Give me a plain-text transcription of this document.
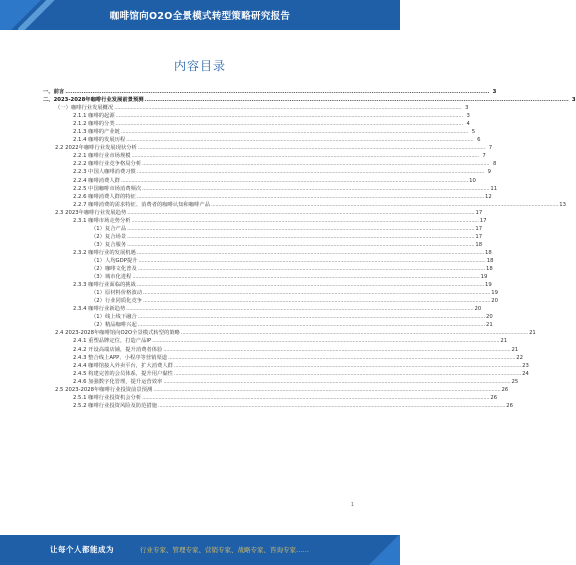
咖啡馆向O2O全景模式转型策略研究报告
内容目录
一、前言 .....	3
二、2023-2028年咖啡行业发展前景预测 .....	3
（一）咖啡行业发展概况 .....	3
2.1.1 咖啡的起源 .....	3
2.1.2 咖啡的分类 .....	4
2.1.3 咖啡的产业链 .....	5
2.1.4 咖啡的发展历程 .....	6
2.2 2022年咖啡行业发展现状分析 .....	7
2.2.1 咖啡行业市场规模 .....	7
2.2.2 咖啡行业竞争格局分析 .....	8
2.2.3 中国人咖啡消费习惯 .....	9
2.2.4 咖啡消费人群 .....	10
2.2.5 中国咖啡市场消费频次 .....	11
2.2.6 咖啡消费人群的特征 .....	12
2.2.7 咖啡消费的需求特征、消费者的咖啡认知和咖啡产品 .....	13
2.3 2023年咖啡行业发展趋势 .....	17
2.3.1 咖啡市场走势分析 .....	17
（1）复合产品 .....	17
（2）复合场景 .....	17
（3）复合服务 .....	18
2.3.2 咖啡行业的发展机遇 .....	18
（1）人均GDP提升 .....	18
（2）咖啡文化普及 .....	18
（3）城市化进程 .....	19
2.3.3 咖啡行业面临的挑战 .....	19
（1）原材料价格波动 .....	19
（2）行业同质化竞争 .....	20
2.3.4 咖啡行业新趋势 .....	20
（1）线上线下融合 .....	20
（2）精品咖啡兴起 .....	21
2.4 2023-2028年咖啡馆向O2O全景模式转型的策略 .....	21
2.4.1 重塑品牌定位，打造产品IP .....	21
2.4.2 开设高端店铺，提升消费者体验 .....	21
2.4.3 整合线上APP、小程序等营销渠道 .....	22
2.4.4 咖啡馆接入外卖平台，扩大消费人群 .....	23
2.4.5 构建完善的会员体系，提升用户黏性 .....	24
2.4.6 加强数字化管理，提升运营效率 .....	25
2.5 2023-2028年咖啡行业投资前景预测 .....	26
2.5.1 咖啡行业投资机会分析 .....	26
2.5.2 咖啡行业投资风险及防范措施 .....	26
让每个人都能成为	行业专家、管理专家、营销专家、战略专家、咨询专家……
1
